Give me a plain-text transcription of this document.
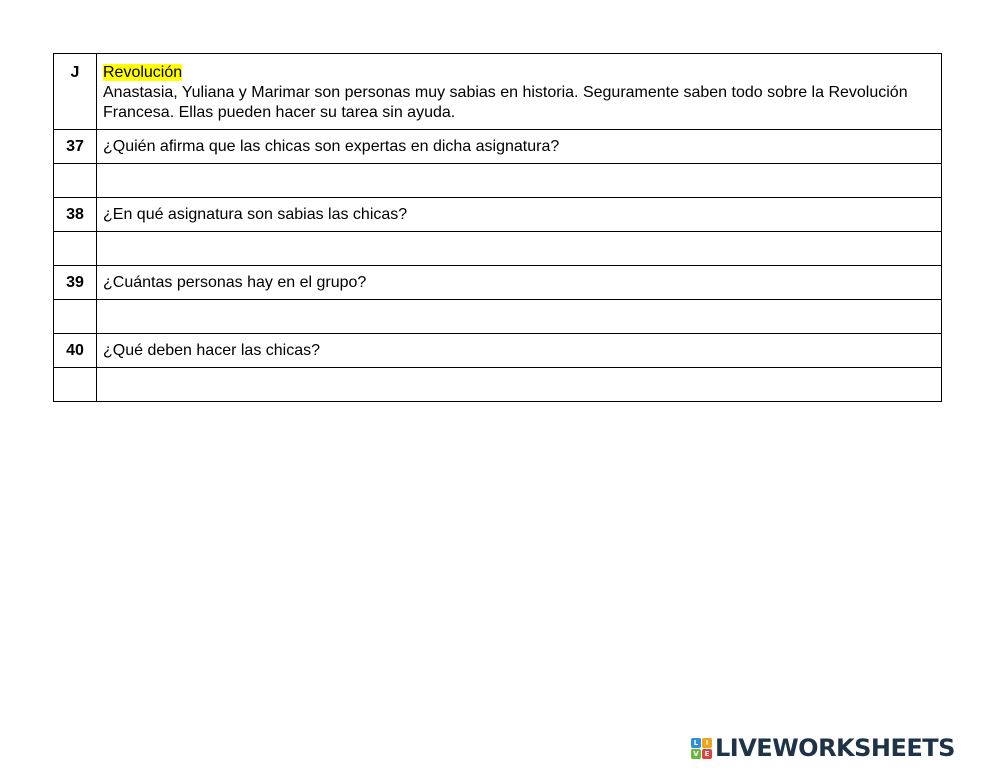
J	Revolución
Anastasia, Yuliana y Marimar son personas muy sabias en historia. Seguramente saben todo sobre la Revolución Francesa. Ellas pueden hacer su tarea sin ayuda.
37	¿Quién afirma que las chicas son expertas en dicha asignatura?

38	¿En qué asignatura son sabias las chicas?

39	¿Cuántas personas hay en el grupo?

40	¿Qué deben hacer las chicas?

L	I
V E LIVEWORKSHEETS
